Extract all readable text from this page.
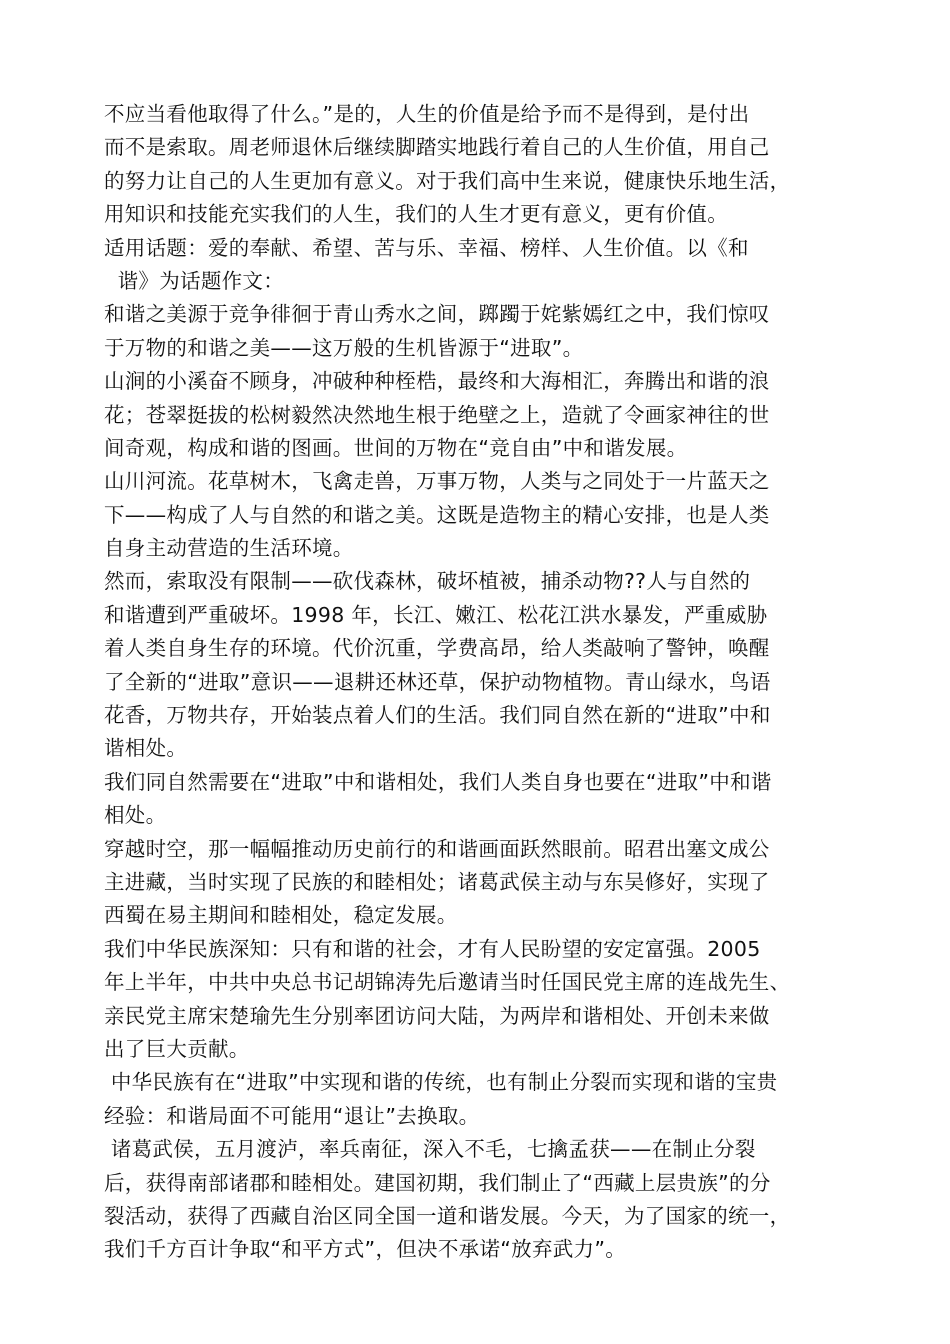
不应当看他取得了什么。”是的，人生的价值是给予而不是得到，是付出
而不是索取。周老师退休后继续脚踏实地践行着自己的人生价值，用自己
的努力让自己的人生更加有意义。对于我们高中生来说，健康快乐地生活，
用知识和技能充实我们的人生，我们的人生才更有意义，更有价值。
适用话题：爱的奉献、希望、苦与乐、幸福、榜样、人生价值。以《和
谐》为话题作文：
和谐之美源于竞争徘徊于青山秀水之间，踯躅于姹紫嫣红之中，我们惊叹
于万物的和谐之美——这万般的生机皆源于“进取”。
山涧的小溪奋不顾身，冲破种种桎梏，最终和大海相汇，奔腾出和谐的浪
花；苍翠挺拔的松树毅然决然地生根于绝壁之上，造就了令画家神往的世
间奇观，构成和谐的图画。世间的万物在“竞自由”中和谐发展。
山川河流。花草树木，飞禽走兽，万事万物，人类与之同处于一片蓝天之
下——构成了人与自然的和谐之美。这既是造物主的精心安排，也是人类
自身主动营造的生活环境。
然而，索取没有限制——砍伐森林，破坏植被，捕杀动物??人与自然的
和谐遭到严重破坏。1998 年，长江、嫩江、松花江洪水暴发，严重威胁
着人类自身生存的环境。代价沉重，学费高昂，给人类敲响了警钟，唤醒
了全新的“进取”意识——退耕还林还草，保护动物植物。青山绿水，鸟语
花香，万物共存，开始装点着人们的生活。我们同自然在新的“进取”中和
谐相处。
我们同自然需要在“进取”中和谐相处，我们人类自身也要在“进取”中和谐
相处。
穿越时空，那一幅幅推动历史前行的和谐画面跃然眼前。昭君出塞文成公
主进藏，当时实现了民族的和睦相处；诸葛武侯主动与东吴修好，实现了
西蜀在易主期间和睦相处，稳定发展。
我们中华民族深知：只有和谐的社会，才有人民盼望的安定富强。2005
年上半年，中共中央总书记胡锦涛先后邀请当时任国民党主席的连战先生、
亲民党主席宋楚瑜先生分别率团访问大陆，为两岸和谐相处、开创未来做
出了巨大贡献。
中华民族有在“进取”中实现和谐的传统，也有制止分裂而实现和谐的宝贵
经验：和谐局面不可能用“退让”去换取。
诸葛武侯，五月渡泸，率兵南征，深入不毛，七擒孟获——在制止分裂
后，获得南部诸郡和睦相处。建国初期，我们制止了“西藏上层贵族”的分
裂活动，获得了西藏自治区同全国一道和谐发展。今天，为了国家的统一，
我们千方百计争取“和平方式”，但决不承诺“放弃武力”。
